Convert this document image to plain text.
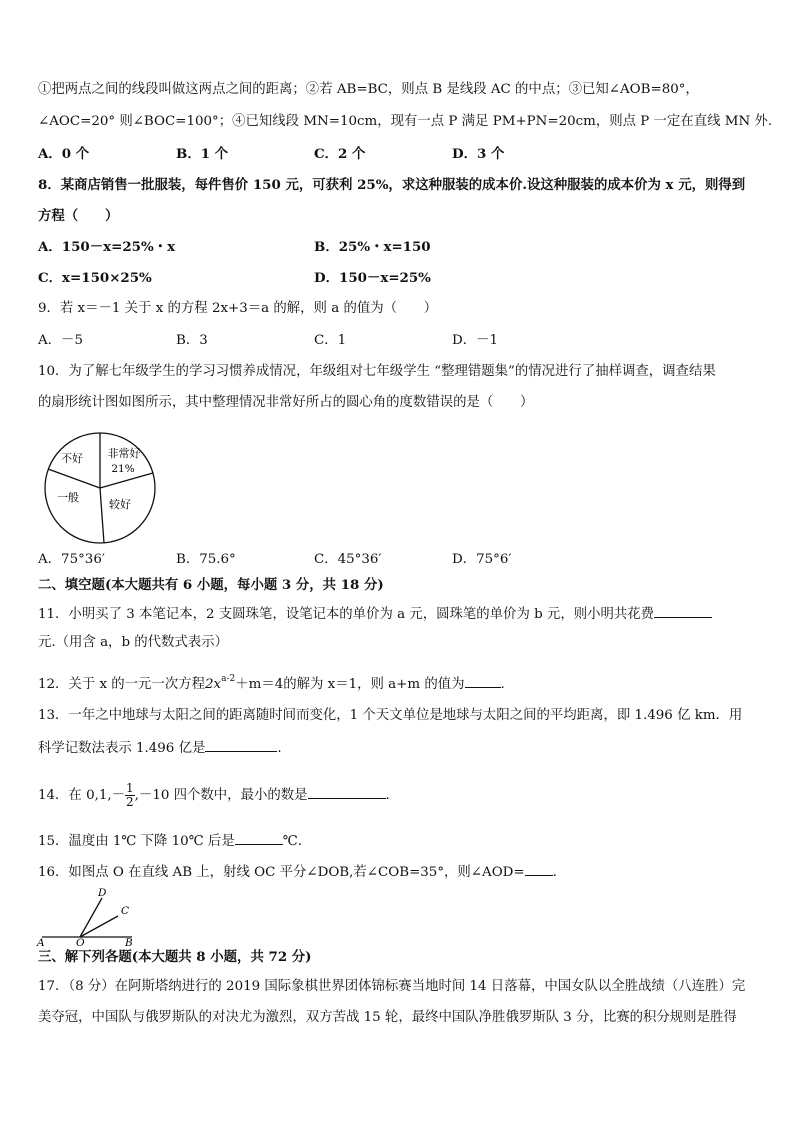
①把两点之间的线段叫做这两点之间的距离；②若 AB=BC，则点 B 是线段 AC 的中点；③已知∠AOB=80°，
∠AOC=20° 则∠BOC=100°；④已知线段 MN=10cm，现有一点 P 满足 PM+PN=20cm，则点 P 一定在直线 MN 外.
A．0 个	B．1 个	C．2 个	D．3 个
8．某商店销售一批服装，每件售价 150 元，可获利 25%，求这种服装的成本价.设这种服装的成本价为 x 元，则得到
方程（　　）
A．150－x=25%・x	B．25%・x=150
C．x=150×25%	D．150－x=25%
9．若 x＝－1 关于 x 的方程 2x+3＝a 的解，则 a 的值为（　　）
A．－5	B．3	C．1	D．－1
10．为了解七年级学生的学习习惯养成情况，年级组对七年级学生 “整理错题集”的情况进行了抽样调查，调查结果
的扇形统计图如图所示，其中整理情况非常好所占的圆心角的度数错误的是（　　）
不好 非常好
21%
一般
较好
A．75°36′	B．75.6°	C．45°36′	D．75°6′
二、填空题(本大题共有 6 小题，每小题 3 分，共 18 分)
11．小明买了 3 本笔记本，2 支圆珠笔，设笔记本的单价为 a 元，圆珠笔的单价为 b 元，则小明共花费
元.（用含 a，b 的代数式表示）
12．关于 x 的一元一次方程$2x^{a-2}+m=4$的解为 x＝1，则 a+m 的值为	.
13．一年之中地球与太阳之间的距离随时间而变化，1 个天文单位是地球与太阳之间的平均距离，即 1.496 亿 km．用
科学记数法表示 1.496 亿是	.
14．在 $0,1,- \frac{1}{2} ,-10$ 四个数中，最小的数是	.
15．温度由 1℃ 下降 10℃ 后是	℃.
16．如图点 O 在直线 AB 上，射线 OC 平分∠DOB,若∠COB=35°，则∠AOD= .
D
C
A	O	B
三、解下列各题(本大题共 8 小题，共 72 分)
17．（8 分）在阿斯塔纳进行的 2019 国际象棋世界团体锦标赛当地时间 14 日落幕，中国女队以全胜战绩（八连胜）完
美夺冠，中国队与俄罗斯队的对决尤为激烈，双方苦战 15 轮，最终中国队净胜俄罗斯队 3 分，比赛的积分规则是胜得
